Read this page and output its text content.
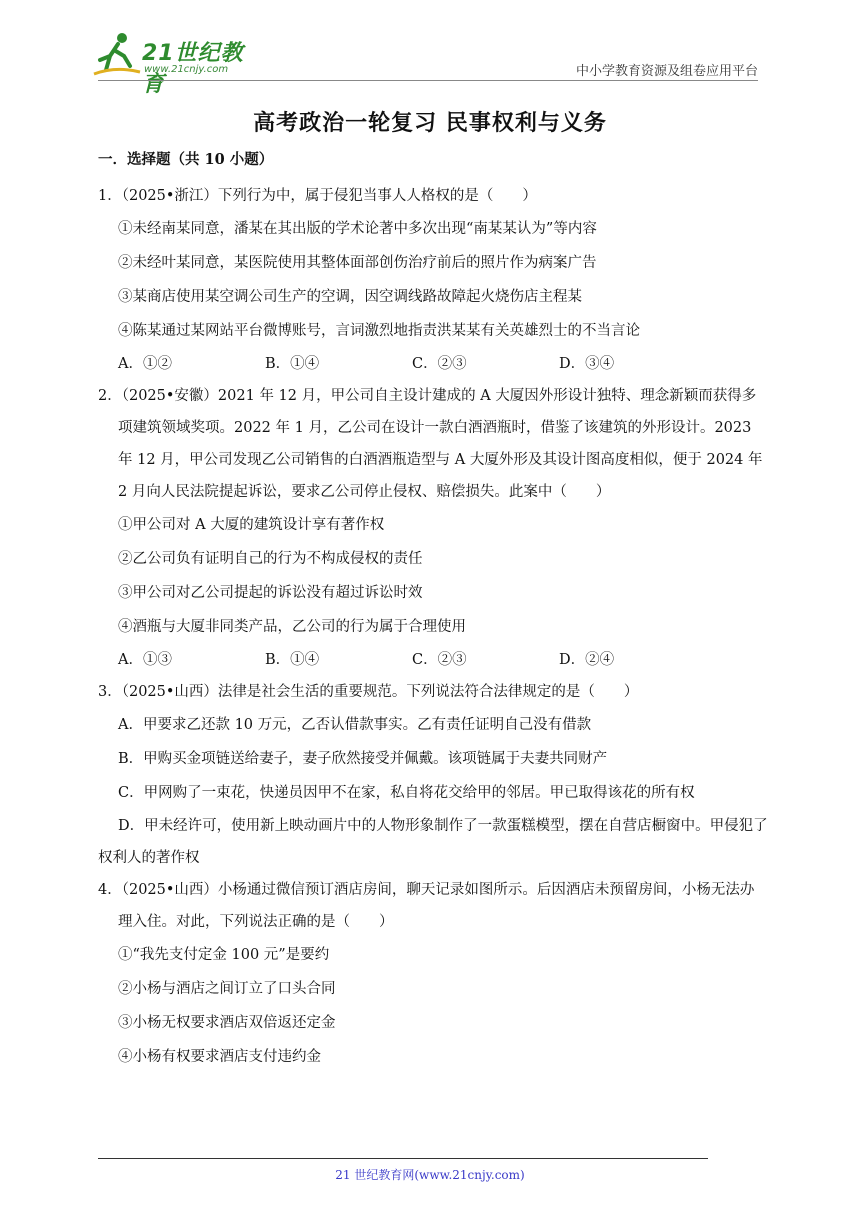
21世纪教育
www.21cnjy.com	中小学教育资源及组卷应用平台
高考政治一轮复习 民事权利与义务

一．选择题（共 10 小题）

1．（2025•浙江）下列行为中，属于侵犯当事人人格权的是（　　）

①未经南某同意，潘某在其出版的学术论著中多次出现“南某某认为”等内容

②未经叶某同意，某医院使用其整体面部创伤治疗前后的照片作为病案广告

③某商店使用某空调公司生产的空调，因空调线路故障起火烧伤店主程某

④陈某通过某网站平台微博账号，言词激烈地指责洪某某有关英雄烈士的不当言论

A．①②	B．①④	C．②③	D．③④

2．（2025•安徽）2021 年 12 月，甲公司自主设计建成的 A 大厦因外形设计独特、理念新颖而获得多项建筑领域奖项。2022 年 1 月，乙公司在设计一款白酒酒瓶时，借鉴了该建筑的外形设计。2023 年 12 月，甲公司发现乙公司销售的白酒酒瓶造型与 A 大厦外形及其设计图高度相似，便于 2024 年 2 月向人民法院提起诉讼，要求乙公司停止侵权、赔偿损失。此案中（　　）

①甲公司对 A 大厦的建筑设计享有著作权

②乙公司负有证明自己的行为不构成侵权的责任

③甲公司对乙公司提起的诉讼没有超过诉讼时效

④酒瓶与大厦非同类产品，乙公司的行为属于合理使用

A．①③	B．①④	C．②③	D．②④

3．（2025•山西）法律是社会生活的重要规范。下列说法符合法律规定的是（　　）

A．甲要求乙还款 10 万元，乙否认借款事实。乙有责任证明自己没有借款

B．甲购买金项链送给妻子，妻子欣然接受并佩戴。该项链属于夫妻共同财产

C．甲网购了一束花，快递员因甲不在家，私自将花交给甲的邻居。甲已取得该花的所有权

D．甲未经许可，使用新上映动画片中的人物形象制作了一款蛋糕模型，摆在自营店橱窗中。甲侵犯了权利人的著作权

4．（2025•山西）小杨通过微信预订酒店房间，聊天记录如图所示。后因酒店未预留房间，小杨无法办理入住。对此，下列说法正确的是（　　）

①“我先支付定金 100 元”是要约

②小杨与酒店之间订立了口头合同

③小杨无权要求酒店双倍返还定金

④小杨有权要求酒店支付违约金

21 世纪教育网(www.21cnjy.com)
